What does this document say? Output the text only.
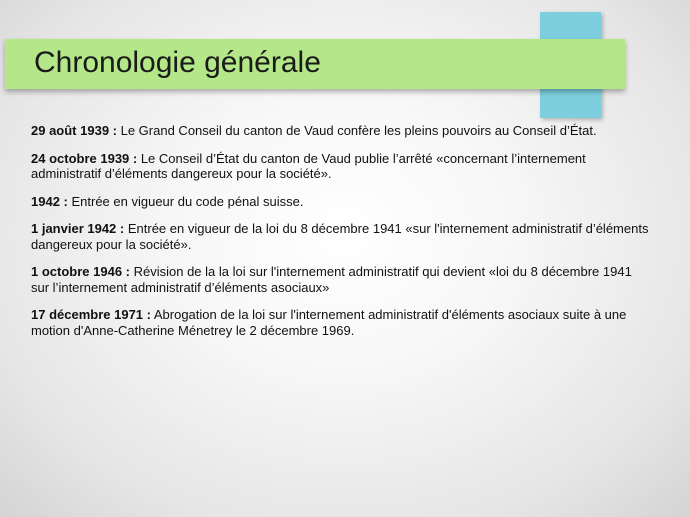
Chronologie générale

29 août 1939 : Le Grand Conseil du canton de Vaud confère les pleins pouvoirs au Conseil d’État.

24 octobre 1939 : Le Conseil d’État du canton de Vaud publie l’arrêté «concernant l’internement administratif d’éléments dangereux pour la société».

1942 : Entrée en vigueur du code pénal suisse.

1 janvier 1942 : Entrée en vigueur de la loi du 8 décembre 1941 «sur l'internement administratif d’éléments dangereux pour la société».

1 octobre 1946 : Révision de la la loi sur l'internement administratif qui devient «loi du 8 décembre 1941 sur l’internement administratif d’éléments asociaux»

17 décembre 1971 : Abrogation de la loi sur l'internement administratif d'éléments asociaux suite à une motion d'Anne-Catherine Ménetrey le 2 décembre 1969.
